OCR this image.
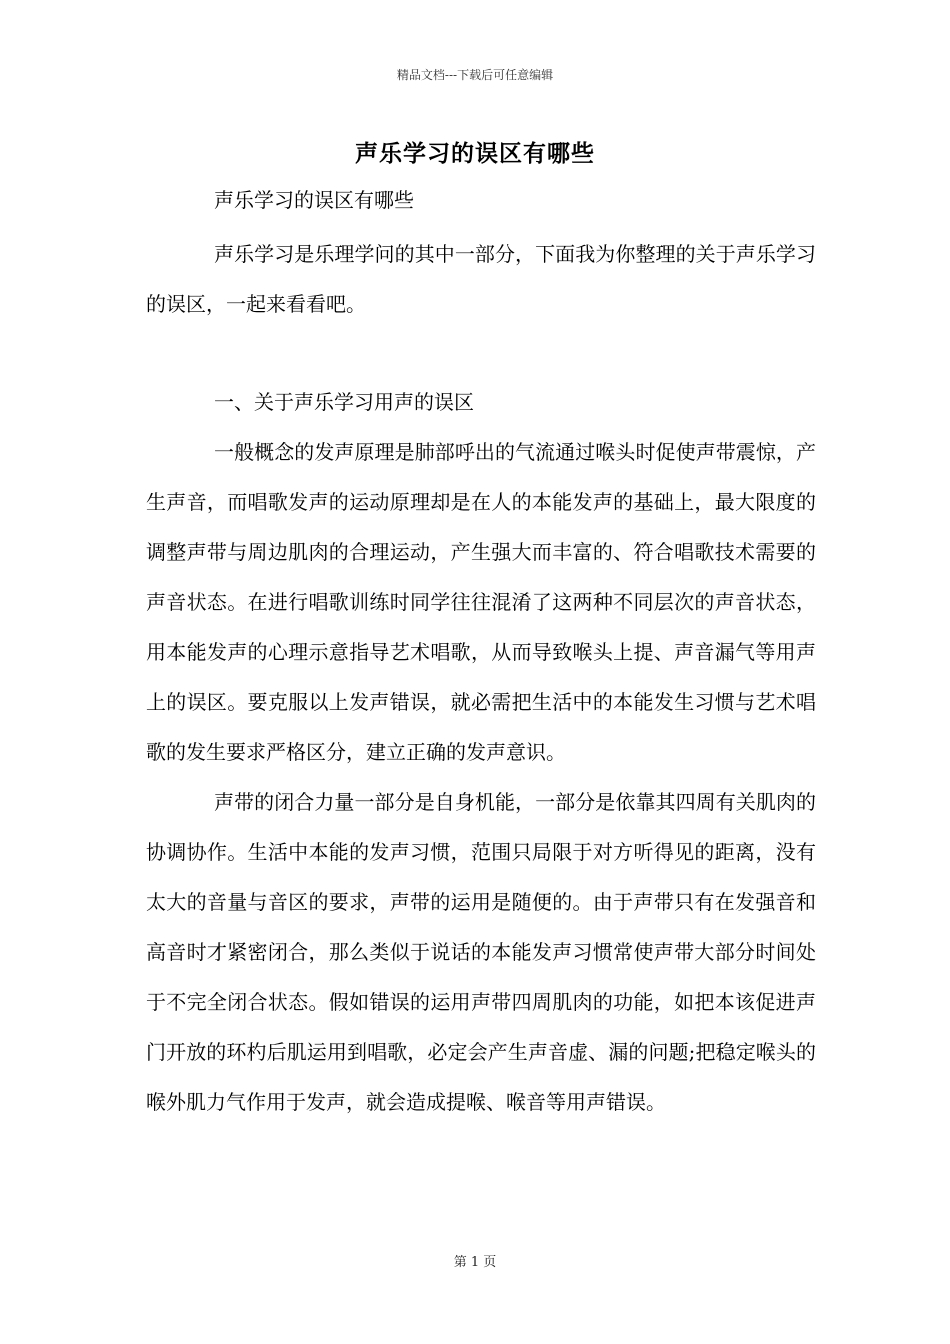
精品文档---下载后可任意编辑
声乐学习的误区有哪些
声乐学习的误区有哪些

声乐学习是乐理学问的其中一部分，下面我为你整理的关于声乐学习的误区，一起来看看吧。

一、关于声乐学习用声的误区

一般概念的发声原理是肺部呼出的气流通过喉头时促使声带震惊，产生声音，而唱歌发声的运动原理却是在人的本能发声的基础上，最大限度的调整声带与周边肌肉的合理运动，产生强大而丰富的、符合唱歌技术需要的声音状态。在进行唱歌训练时同学往往混淆了这两种不同层次的声音状态，用本能发声的心理示意指导艺术唱歌，从而导致喉头上提、声音漏气等用声上的误区。要克服以上发声错误，就必需把生活中的本能发生习惯与艺术唱歌的发生要求严格区分，建立正确的发声意识。

声带的闭合力量一部分是自身机能，一部分是依靠其四周有关肌肉的协调协作。生活中本能的发声习惯，范围只局限于对方听得见的距离，没有太大的音量与音区的要求，声带的运用是随便的。由于声带只有在发强音和高音时才紧密闭合，那么类似于说话的本能发声习惯常使声带大部分时间处于不完全闭合状态。假如错误的运用声带四周肌肉的功能，如把本该促进声门开放的环杓后肌运用到唱歌，必定会产生声音虚、漏的问题;把稳定喉头的喉外肌力气作用于发声，就会造成提喉、喉音等用声错误。

第 1 页
